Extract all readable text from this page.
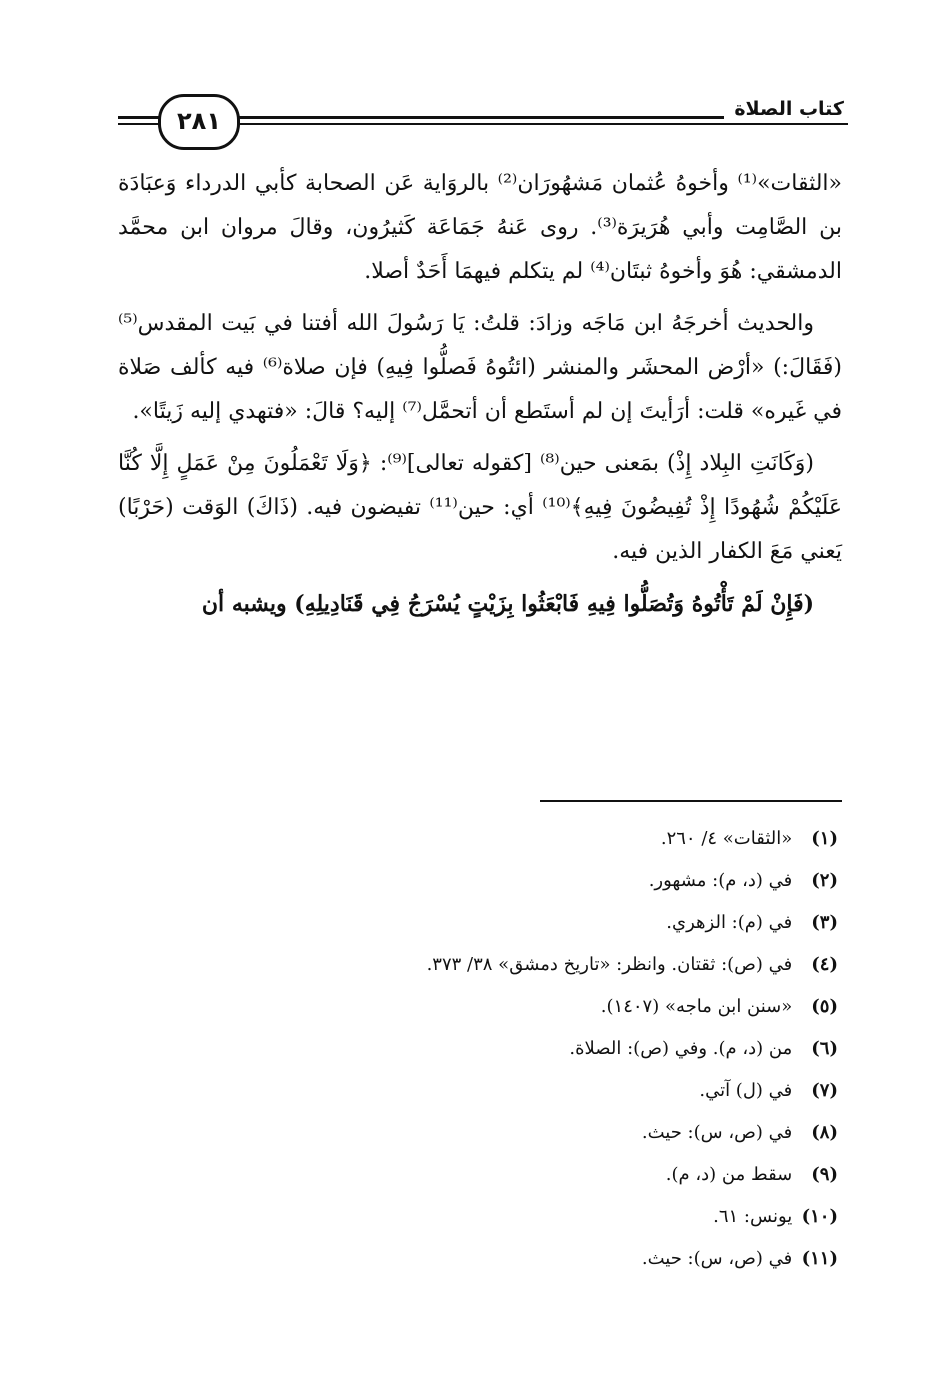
كتاب الصلاة
٢٨١

«الثقات»⁽¹⁾ وأخوهُ عُثمان مَشهُورَان⁽²⁾ بالروَاية عَن الصحابة كأبي الدرداء وَعبَادَة بن الصَّامِت وأبي هُرَيرَة⁽³⁾. روى عَنهُ جَمَاعَة كَثيرُون، وقالَ مروان ابن محمَّد الدمشقي: هُوَ وأخوهُ ثبتَان⁽⁴⁾ لم يتكلم فيهمَا أَحَدٌ أصلا.

والحديث أخرجَهُ ابن مَاجَه وزادَ: قلتُ: يَا رَسُولَ الله أفتنا في بَيت المقدس⁽⁵⁾ (فَقَالَ:) «أرْض المحشَر والمنشر (ائتُوهُ فَصلُّوا فِيهِ) فإن صلاة⁽⁶⁾ فيه كألف صَلاة في غَيره» قلت: أرَأيتَ إن لم أستَطع أن أتحمَّل⁽⁷⁾ إليه؟ قالَ: «فتهدي إليه زَيتًا».

(وَكَانَتِ البِلاد إِذْ) بمَعنى حين⁽⁸⁾ [كقوله تعالى]⁽⁹⁾: ﴿وَلَا تَعْمَلُونَ مِنْ عَمَلٍ إِلَّا كُنَّا عَلَيْكُمْ شُهُودًا إِذْ تُفِيضُونَ فِيهِ﴾⁽¹⁰⁾ أي: حين⁽¹¹⁾ تفيضون فيه. (ذَاكَ) الوَقت (حَرْبًا) يَعني مَعَ الكفار الذين فيه.

(فَإِنْ لَمْ تَأْتُوهُ وَتُصَلُّوا فِيهِ فَابْعَثُوا بِزَيْتٍ يُسْرَجُ فِي قَنَادِيلِهِ) ويشبه أن

(١) «الثقات» ٤/ ٢٦٠.
(٢) في (د، م): مشهور.
(٣) في (م): الزهري.
(٤) في (ص): ثقتان. وانظر: «تاريخ دمشق» ٣٨/ ٣٧٣.
(٥) «سنن ابن ماجه» (١٤٠٧).
(٦) من (د، م). وفي (ص): الصلاة.
(٧) في (ل) آتي.
(٨) في (ص، س): حيث.
(٩) سقط من (د، م).
(١٠) يونس: ٦١.
(١١) في (ص، س): حيث.
